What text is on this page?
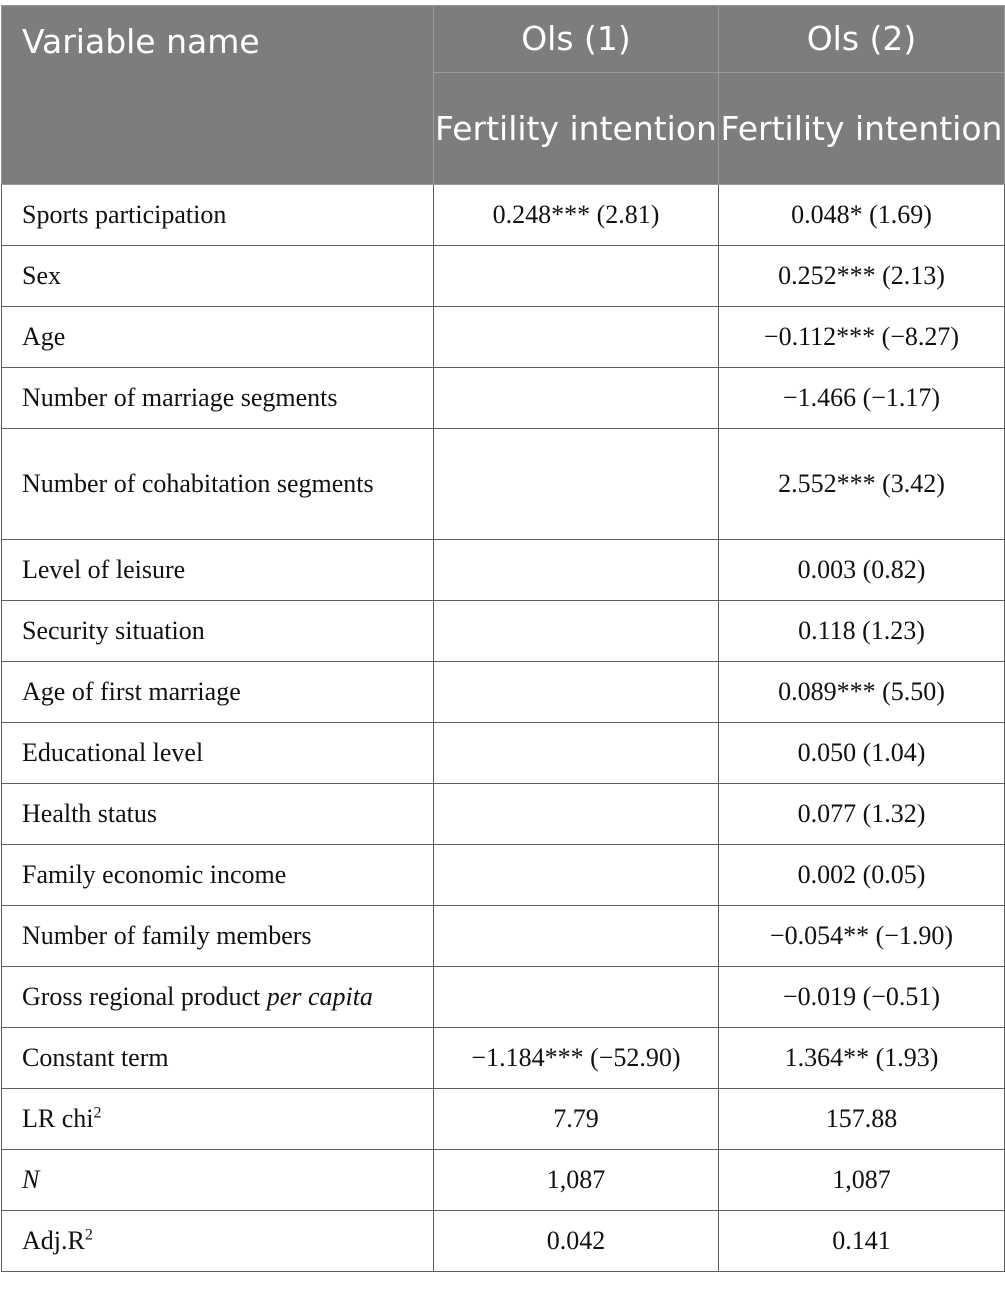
Variable name	Ols (1)	Ols (2)
	Fertility intention	Fertility intention
Sports participation	0.248*** (2.81)	0.048* (1.69)
Sex		0.252*** (2.13)
Age		−0.112*** (−8.27)
Number of marriage segments		−1.466 (−1.17)
Number of cohabitation segments		2.552*** (3.42)
Level of leisure		0.003 (0.82)
Security situation		0.118 (1.23)
Age of first marriage		0.089*** (5.50)
Educational level		0.050 (1.04)
Health status		0.077 (1.32)
Family economic income		0.002 (0.05)
Number of family members		−0.054** (−1.90)
Gross regional product per capita		−0.019 (−0.51)
Constant term	−1.184*** (−52.90)	1.364** (1.93)
LR chi$^2$	7.79	157.88
N	1,087	1,087
$Adj.R^2$	0.042	0.141
